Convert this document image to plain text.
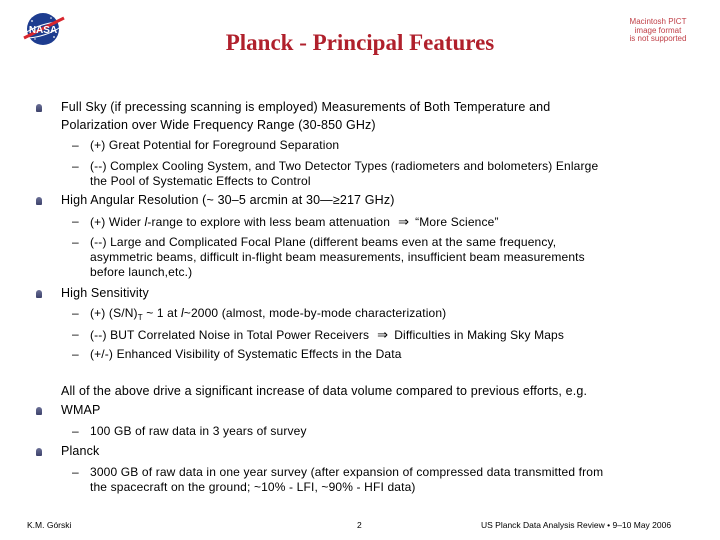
NASA
Macintosh PICT
image format
is not supported
Planck - Principal Features
Full Sky (if precessing scanning is employed) Measurements of Both Temperature and
Polarization over Wide Frequency Range (30-850 GHz)
– (+) Great Potential for Foreground Separation
– (--) Complex Cooling System, and Two Detector Types (radiometers and bolometers) Enlarge
the Pool of Systematic Effects to Control
High Angular Resolution (~ 30–5 arcmin at 30—≥217 GHz)
– (+) Wider l-range to explore with less beam attenuation ⇒ “More Science”
– (--) Large and Complicated Focal Plane (different beams even at the same frequency,
asymmetric beams, difficult in-flight beam measurements, insufficient beam measurements
before launch,etc.)
High Sensitivity
– (+) $(S/N)_T$ ~ 1 at l~2000 (almost, mode-by-mode characterization)
– (--) BUT Correlated Noise in Total Power Receivers ⇒ Difficulties in Making Sky Maps
– (+/-) Enhanced Visibility of Systematic Effects in the Data
All of the above drive a significant increase of data volume compared to previous efforts, e.g.
WMAP
– 100 GB of raw data in 3 years of survey
Planck
– 3000 GB of raw data in one year survey (after expansion of compressed data transmitted from
the spacecraft on the ground; ~10% - LFI, ~90% - HFI data)
K.M. Górski	2	US Planck Data Analysis Review • 9–10 May 2006
